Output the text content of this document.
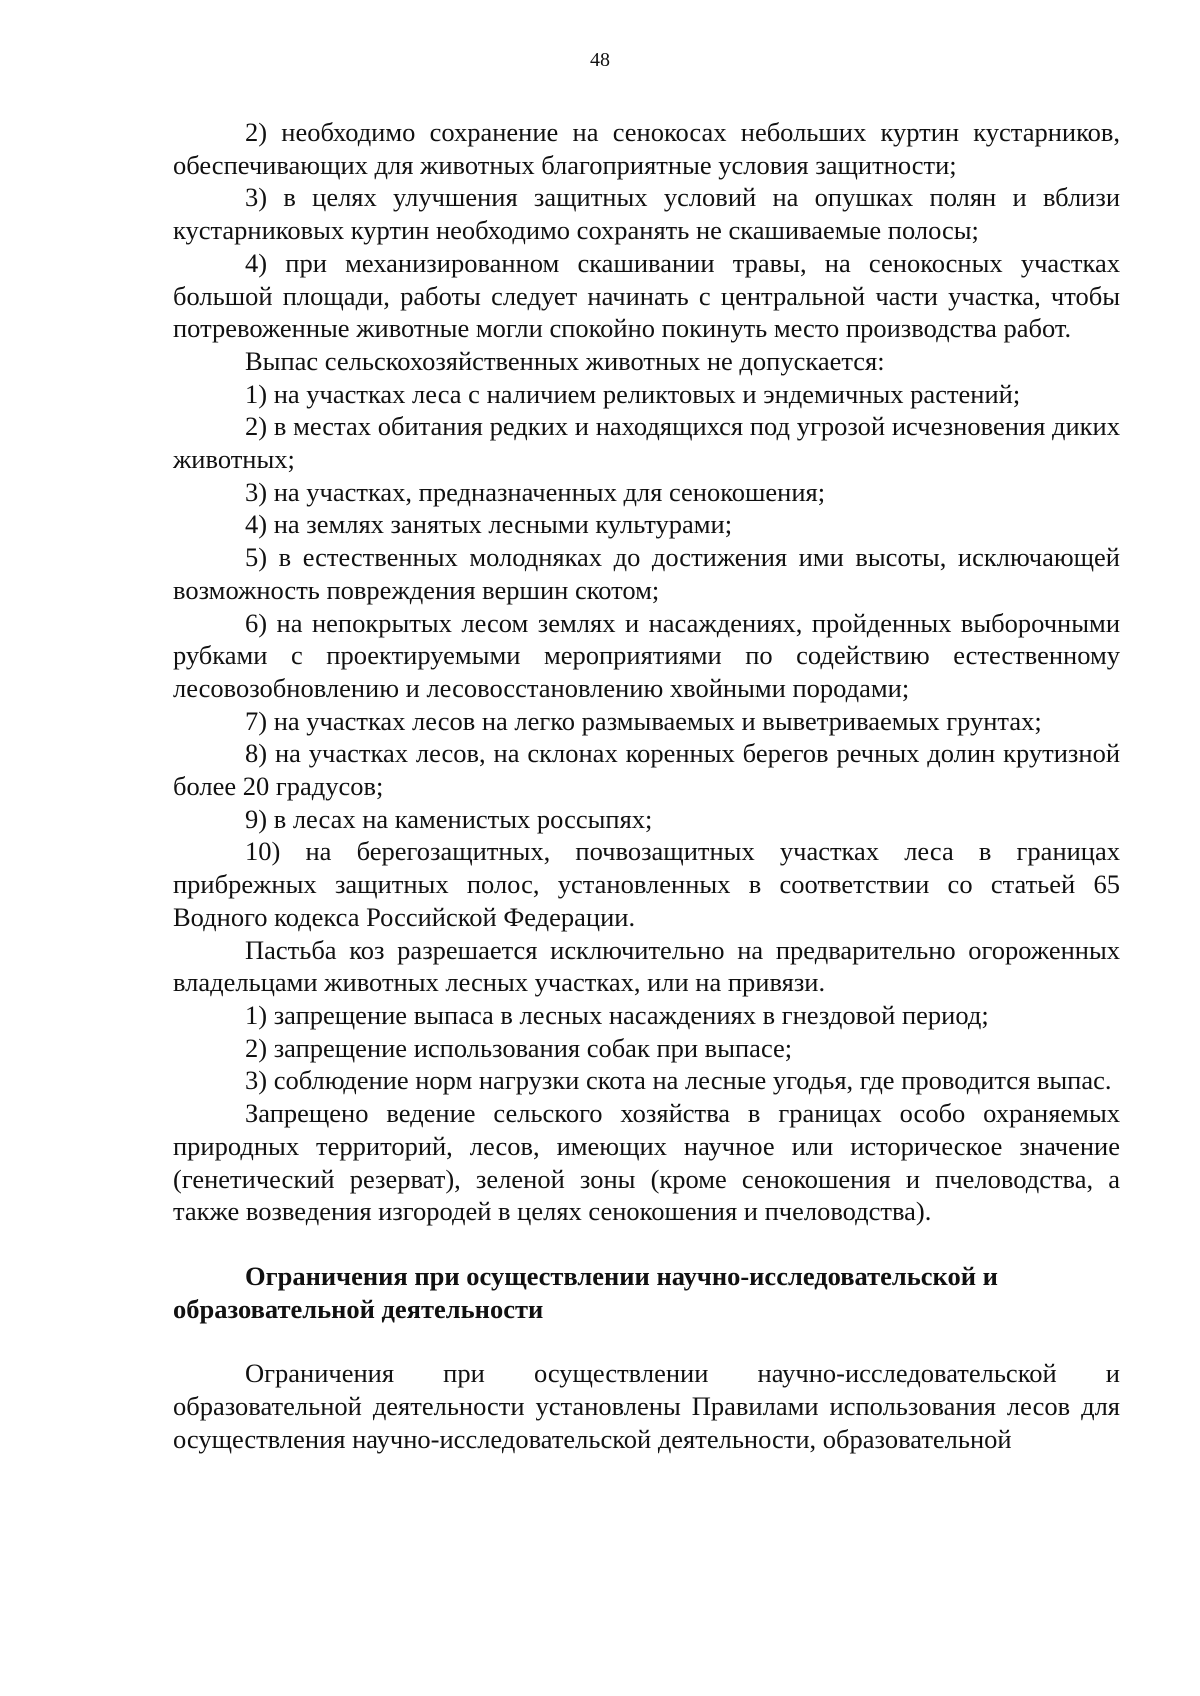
48

2) необходимо сохранение на сенокосах небольших куртин кустарников, обеспечивающих для животных благоприятные условия защитности;

3) в целях улучшения защитных условий на опушках полян и вблизи кустарниковых куртин необходимо сохранять не скашиваемые полосы;

4) при механизированном скашивании травы, на сенокосных участках большой площади, работы следует начинать с центральной части участка, чтобы потревоженные животные могли спокойно покинуть место производства работ.

Выпас сельскохозяйственных животных не допускается:

1) на участках леса с наличием реликтовых и эндемичных растений;

2) в местах обитания редких и находящихся под угрозой исчезновения диких животных;

3) на участках, предназначенных для сенокошения;

4) на землях занятых лесными культурами;

5) в естественных молодняках до достижения ими высоты, исключающей возможность повреждения вершин скотом;

6) на непокрытых лесом землях и насаждениях, пройденных выборочными рубками с проектируемыми мероприятиями по содействию естественному лесовозобновлению и лесовосстановлению хвойными породами;

7) на участках лесов на легко размываемых и выветриваемых грунтах;

8) на участках лесов, на склонах коренных берегов речных долин крутизной более 20 градусов;

9) в лесах на каменистых россыпях;

10) на берегозащитных, почвозащитных участках леса в границах прибрежных защитных полос, установленных в соответствии со статьей 65 Водного кодекса Российской Федерации.

Пастьба коз разрешается исключительно на предварительно огороженных владельцами животных лесных участках, или на привязи.

1) запрещение выпаса в лесных насаждениях в гнездовой период;

2) запрещение использования собак при выпасе;

3) соблюдение норм нагрузки скота на лесные угодья, где проводится выпас.

Запрещено ведение сельского хозяйства в границах особо охраняемых природных территорий, лесов, имеющих научное или историческое значение (генетический резерват), зеленой зоны (кроме сенокошения и пчеловодства, а также возведения изгородей в целях сенокошения и пчеловодства).

Ограничения при осуществлении научно-исследовательской и образовательной деятельности

Ограничения при осуществлении научно-исследовательской и образовательной деятельности установлены Правилами использования лесов для осуществления научно-исследовательской деятельности, образовательной
